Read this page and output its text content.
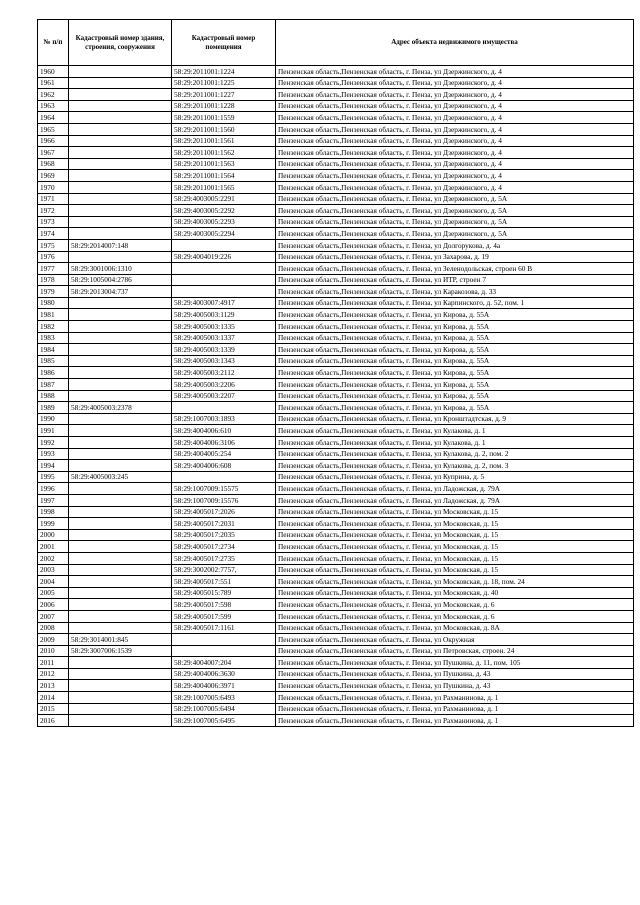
№ п/п	Кадастровый номер здания, строения, сооружения	Кадастровый номер помещения	Адрес объекта недвижимого имущества
1960		58:29:2011001:1224	Пензенская область,Пензенская область, г. Пенза, ул Дзержинского, д. 4
1961		58:29:2011001:1225	Пензенская область,Пензенская область, г. Пенза, ул Дзержинского, д. 4
1962		58:29:2011001:1227	Пензенская область,Пензенская область, г. Пенза, ул Дзержинского, д. 4
1963		58:29:2011001:1228	Пензенская область,Пензенская область, г. Пенза, ул Дзержинского, д. 4
1964		58:29:2011001:1559	Пензенская область,Пензенская область, г. Пенза, ул Дзержинского, д. 4
1965		58:29:2011001:1560	Пензенская область,Пензенская область, г. Пенза, ул Дзержинского, д. 4
1966		58:29:2011001:1561	Пензенская область,Пензенская область, г. Пенза, ул Дзержинского, д. 4
1967		58:29:2011001:1562	Пензенская область,Пензенская область, г. Пенза, ул Дзержинского, д. 4
1968		58:29:2011001:1563	Пензенская область,Пензенская область, г. Пенза, ул Дзержинского, д. 4
1969		58:29:2011001:1564	Пензенская область,Пензенская область, г. Пенза, ул Дзержинского, д. 4
1970		58:29:2011001:1565	Пензенская область,Пензенская область, г. Пенза, ул Дзержинского, д. 4
1971		58:29:4003005:2291	Пензенская область,Пензенская область, г. Пенза, ул Дзержинского, д. 5А
1972		58:29:4003005:2292	Пензенская область,Пензенская область, г. Пенза, ул Дзержинского, д. 5А
1973		58:29:4003005:2293	Пензенская область,Пензенская область, г. Пенза, ул Дзержинского, д. 5А
1974		58:29:4003005:2294	Пензенская область,Пензенская область, г. Пенза, ул Дзержинского, д. 5А
1975	58:29:2014007:148		Пензенская область,Пензенская область, г. Пенза, ул Долгорукова, д. 4а
1976		58:29:4004019:226	Пензенская область,Пензенская область, г. Пенза, ул Захарова, д. 19
1977	58:29:3001006:1310		Пензенская область,Пензенская область, г. Пенза, ул Зеленодольская, строен 60 В
1978	58:29:1005004:2786		Пензенская область,Пензенская область, г. Пенза, ул ИТР, строен 7
1979	58:29:2013004:737		Пензенская область,Пензенская область, г. Пенза, ул Каракозова, д. 33
1980		58:29:4003007:4917	Пензенская область,Пензенская область, г. Пенза, ул Карпинского, д. 52, пом. 1
1981		58:29:4005003:1129	Пензенская область,Пензенская область, г. Пенза, ул Кирова, д. 55А
1982		58:29:4005003:1335	Пензенская область,Пензенская область, г. Пенза, ул Кирова, д. 55А
1983		58:29:4005003:1337	Пензенская область,Пензенская область, г. Пенза, ул Кирова, д. 55А
1984		58:29:4005003:1339	Пензенская область,Пензенская область, г. Пенза, ул Кирова, д. 55А
1985		58:29:4005003:1343	Пензенская область,Пензенская область, г. Пенза, ул Кирова, д. 55А
1986		58:29:4005003:2112	Пензенская область,Пензенская область, г. Пенза, ул Кирова, д. 55А
1987		58:29:4005003:2206	Пензенская область,Пензенская область, г. Пенза, ул Кирова, д. 55А
1988		58:29:4005003:2207	Пензенская область,Пензенская область, г. Пенза, ул Кирова, д. 55А
1989	58:29:4005003:2378		Пензенская область,Пензенская область, г. Пенза, ул Кирова, д. 55А
1990		58:29:1007003:1893	Пензенская область,Пензенская область, г. Пенза, ул Кронштадтская, д. 9
1991		58:29:4004006:610	Пензенская область,Пензенская область, г. Пенза, ул Кулакова, д. 1
1992		58:29:4004006:3106	Пензенская область,Пензенская область, г. Пенза, ул Кулакова, д. 1
1993		58:29:4004005:254	Пензенская область,Пензенская область, г. Пенза, ул Кулакова, д. 2, пом. 2
1994		58:29:4004006:608	Пензенская область,Пензенская область, г. Пенза, ул Кулакова, д. 2, пом. 3
1995	58:29:4005003:245		Пензенская область,Пензенская область, г. Пенза, ул Куприна, д. 5
1996		58:29:1007009:15575	Пензенская область,Пензенская область, г. Пенза, ул Ладожская, д. 79А
1997		58:29:1007009:15576	Пензенская область,Пензенская область, г. Пенза, ул Ладожская, д. 79А
1998		58:29:4005017:2026	Пензенская область,Пензенская область, г. Пенза, ул Московская, д. 15
1999		58:29:4005017:2031	Пензенская область,Пензенская область, г. Пенза, ул Московская, д. 15
2000		58:29:4005017:2035	Пензенская область,Пензенская область, г. Пенза, ул Московская, д. 15
2001		58:29:4005017:2734	Пензенская область,Пензенская область, г. Пенза, ул Московская, д. 15
2002		58:29:4005017:2735	Пензенская область,Пензенская область, г. Пенза, ул Московская, д. 15
2003		58:29:3002002:7757,	Пензенская область,Пензенская область, г. Пенза, ул Московская, д. 15
2004		58:29:4005017:551	Пензенская область,Пензенская область, г. Пенза, ул Московская, д. 18, пом. 24
2005		58:29:4005015:789	Пензенская область,Пензенская область, г. Пенза, ул Московская, д. 40
2006		58:29:4005017:598	Пензенская область,Пензенская область, г. Пенза, ул Московская, д. 6
2007		58:29:4005017:599	Пензенская область,Пензенская область, г. Пенза, ул Московская, д. 6
2008		58:29:4005017:1161	Пензенская область,Пензенская область, г. Пенза, ул Московская, д. 8А
2009	58:29:3014001:845		Пензенская область,Пензенская область, г. Пенза, ул Окружная
2010	58:29:3007006:1539		Пензенская область,Пензенская область, г. Пенза, ул Петровская, строен. 24
2011		58:29:4004007:204	Пензенская область,Пензенская область, г. Пенза, ул Пушкина, д. 11, пом. 105
2012		58:29:4004006:3630	Пензенская область,Пензенская область, г. Пенза, ул Пушкина, д. 43
2013		58:29:4004006:3971	Пензенская область,Пензенская область, г. Пенза, ул Пушкина, д. 43
2014		58:29:1007005:6493	Пензенская область,Пензенская область, г. Пенза, ул Рахманинова, д. 1
2015		58:29:1007005:6494	Пензенская область,Пензенская область, г. Пенза, ул Рахманинова, д. 1
2016		58:29:1007005:6495	Пензенская область,Пензенская область, г. Пенза, ул Рахманинова, д. 1
